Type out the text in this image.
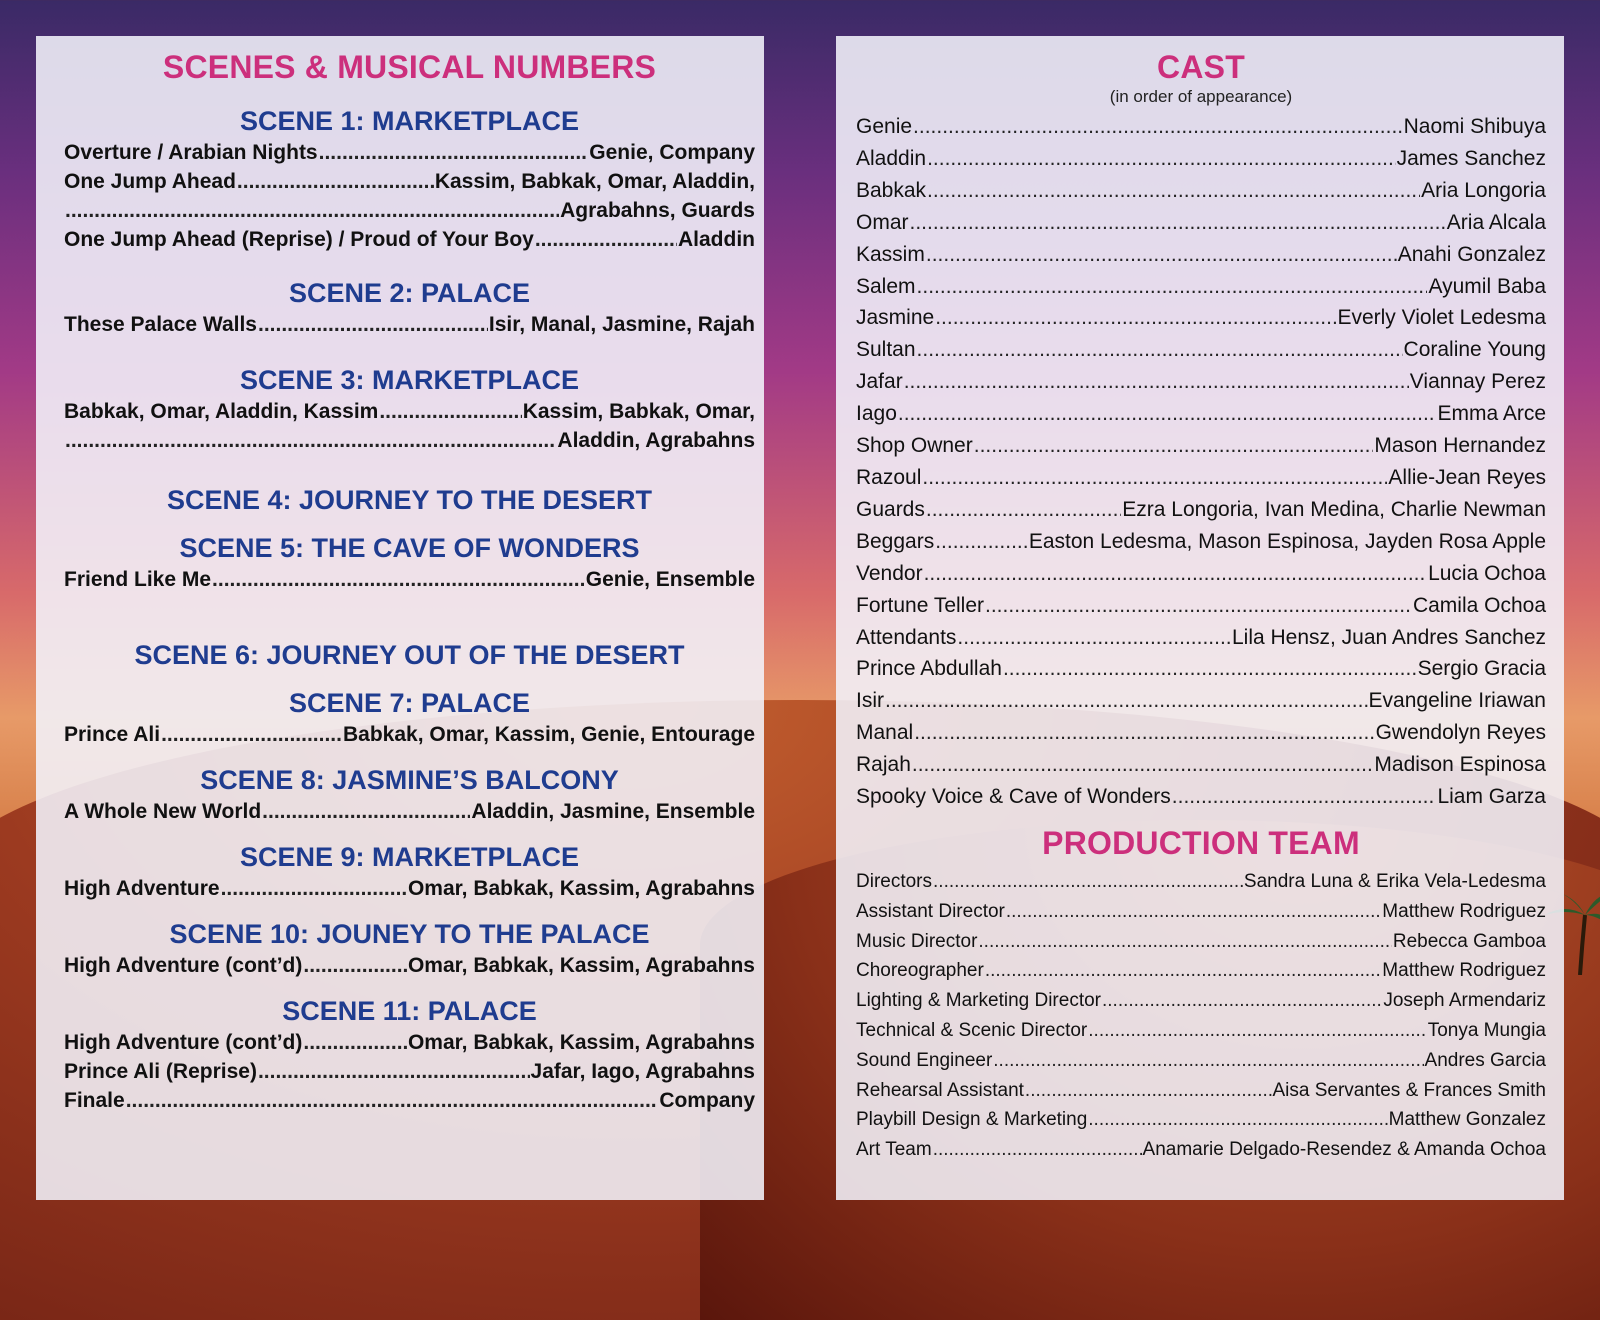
SCENES & MUSICAL NUMBERS
SCENE 1: MARKETPLACE
Overture / Arabian Nights .....	Genie, Company
One Jump Ahead .....	Kassim, Babkak, Omar, Aladdin,
.....
Agrabahns, Guards
One Jump Ahead (Reprise) / Proud of Your Boy .....	Aladdin
SCENE 2: PALACE
These Palace Walls .....	Isir, Manal, Jasmine, Rajah
SCENE 3: MARKETPLACE
Babkak, Omar, Aladdin, Kassim .....	Kassim, Babkak, Omar,
.....
Aladdin, Agrabahns
SCENE 4: JOURNEY TO THE DESERT
SCENE 5: THE CAVE OF WONDERS
Friend Like Me .....	Genie, Ensemble
SCENE 6: JOURNEY OUT OF THE DESERT
SCENE 7: PALACE
Prince Ali .....	Babkak, Omar, Kassim, Genie, Entourage
SCENE 8: JASMINE’S BALCONY
A Whole New World .....	Aladdin, Jasmine, Ensemble
SCENE 9: MARKETPLACE
High Adventure .....	Omar, Babkak, Kassim, Agrabahns
SCENE 10: JOUNEY TO THE PALACE
High Adventure (cont’d) .....	Omar, Babkak, Kassim, Agrabahns
SCENE 11: PALACE
High Adventure (cont’d) .....	Omar, Babkak, Kassim, Agrabahns
Prince Ali (Reprise) .....	Jafar, Iago, Agrabahns
Finale .....	Company
CAST

(in order of appearance)

Genie .....	Naomi Shibuya
Aladdin .....	James Sanchez
Babkak .....	Aria Longoria
Omar .....	Aria Alcala
Kassim .....	Anahi Gonzalez
Salem .....	Ayumil Baba
Jasmine .....	Everly Violet Ledesma
Sultan .....	Coraline Young
Jafar .....	Viannay Perez
Iago .....	Emma Arce
Shop Owner .....	Mason Hernandez
Razoul .....	Allie-Jean Reyes
Guards .....	Ezra Longoria, Ivan Medina, Charlie Newman
Beggars .....	Easton Ledesma, Mason Espinosa, Jayden Rosa Apple
Vendor .....	Lucia Ochoa
Fortune Teller .....	Camila Ochoa
Attendants .....	Lila Hensz, Juan Andres Sanchez
Prince Abdullah .....	Sergio Gracia
Isir .....	Evangeline Iriawan
Manal .....	Gwendolyn Reyes
Rajah .....	Madison Espinosa
Spooky Voice & Cave of Wonders .....	Liam Garza
PRODUCTION TEAM
Directors .....	Sandra Luna & Erika Vela-Ledesma
Assistant Director .....	Matthew Rodriguez
Music Director .....	Rebecca Gamboa
Choreographer .....	Matthew Rodriguez
Lighting & Marketing Director .....	Joseph Armendariz
Technical & Scenic Director .....	Tonya Mungia
Sound Engineer .....	Andres Garcia
Rehearsal Assistant .....	Aisa Servantes & Frances Smith
Playbill Design & Marketing .....	Matthew Gonzalez
Art Team .....	Anamarie Delgado-Resendez & Amanda Ochoa
